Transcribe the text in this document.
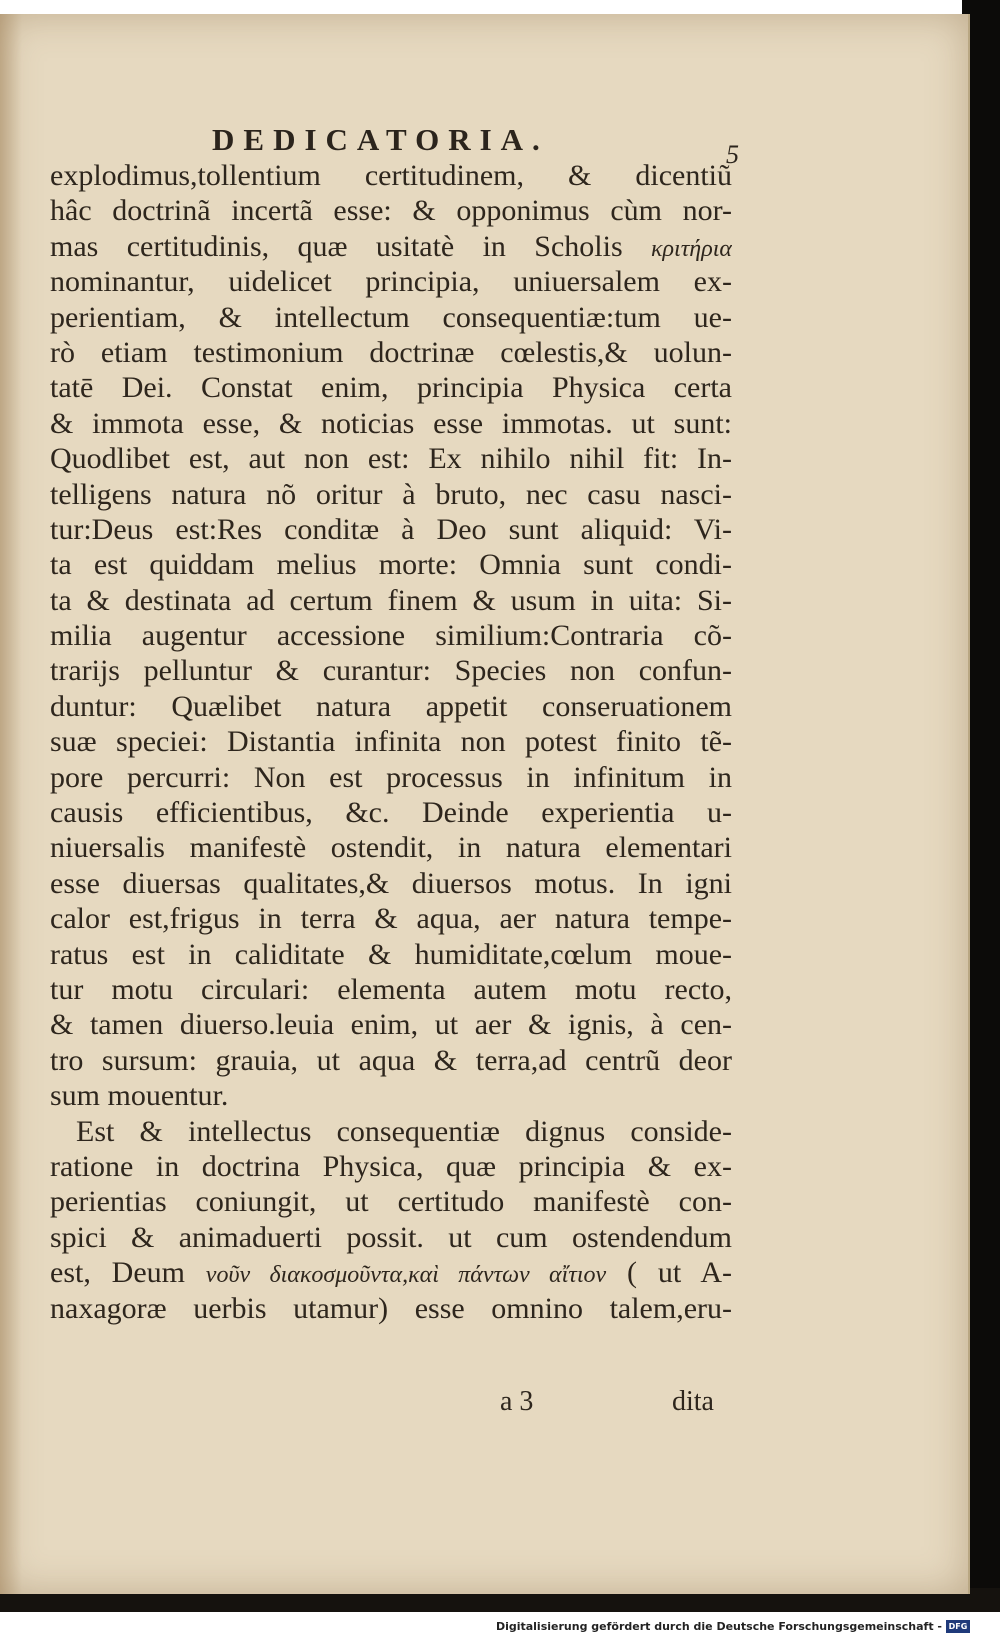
DEDICATORIA.	5
explodimus,tollentium certitudinem, & dicentiũ
hâc doctrinã incertã esse: & opponimus cùm nor-
mas certitudinis, quæ usitatè in Scholis κριτήρια
nominantur, uidelicet principia, uniuersalem ex-
perientiam, & intellectum consequentiæ:tum ue-
rò etiam testimonium doctrinæ cœlestis,& uolun-
tatē Dei. Constat enim, principia Physica certa
& immota esse, & noticias esse immotas. ut sunt:
Quodlibet est, aut non est: Ex nihilo nihil fit: In-
telligens natura nõ oritur à bruto, nec casu nasci-
tur:Deus est:Res conditæ à Deo sunt aliquid: Vi-
ta est quiddam melius morte: Omnia sunt condi-
ta & destinata ad certum finem & usum in uita: Si-
milia augentur accessione similium:Contraria cõ-
trarijs pelluntur & curantur: Species non confun-
duntur: Quælibet natura appetit conseruationem
suæ speciei: Distantia infinita non potest finito tẽ-
pore percurri: Non est processus in infinitum in
causis efficientibus, &c. Deinde experientia u-
niuersalis manifestè ostendit, in natura elementari
esse diuersas qualitates,& diuersos motus. In igni
calor est,frigus in terra & aqua, aer natura tempe-
ratus est in caliditate & humiditate,cœlum moue-
tur motu circulari: elementa autem motu recto,
& tamen diuerso.leuia enim, ut aer & ignis, à cen-
tro sursum: grauia, ut aqua & terra,ad centrũ deor
sum mouentur.
Est & intellectus consequentiæ dignus conside-
ratione in doctrina Physica, quæ principia & ex-
perientias coniungit, ut certitudo manifestè con-
spici & animaduerti possit. ut cum ostendendum
est, Deum νοῦν διακοσμοῦντα,καὶ πάντων αἴτιον ( ut A-
naxagoræ uerbis utamur) esse omnino talem,eru-
a 3	dita
Digitalisierung gefördert durch die Deutsche Forschungsgemeinschaft - DFG
